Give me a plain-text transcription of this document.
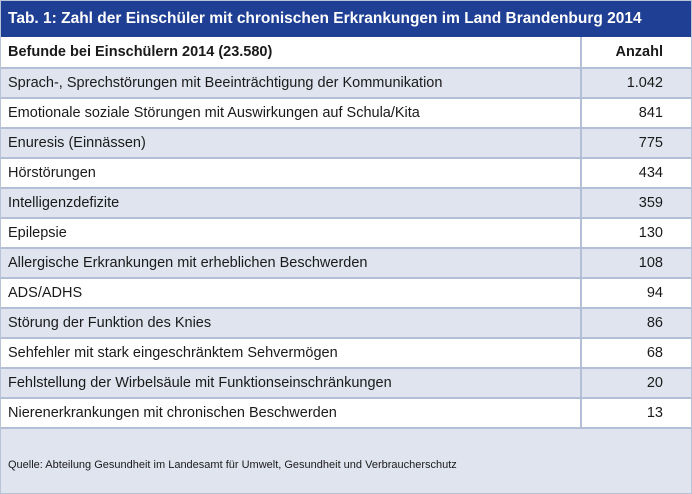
Tab. 1: Zahl der Einschüler mit chronischen Erkrankungen im Land Brandenburg 2014
Befunde bei Einschülern 2014 (23.580)	Anzahl
Sprach-, Sprechstörungen mit Beeinträchtigung der Kommunikation	1.042
Emotionale soziale Störungen mit Auswirkungen auf Schula/Kita	841
Enuresis (Einnässen)	775
Hörstörungen	434
Intelligenzdefizite	359
Epilepsie	130
Allergische Erkrankungen mit erheblichen Beschwerden	108
ADS/ADHS	94
Störung der Funktion des Knies	86
Sehfehler mit stark eingeschränktem Sehvermögen	68
Fehlstellung der Wirbelsäule mit Funktionseinschränkungen	20
Nierenerkrankungen mit chronischen Beschwerden	13
Quelle: Abteilung Gesundheit im Landesamt für Umwelt, Gesundheit und Verbraucherschutz
